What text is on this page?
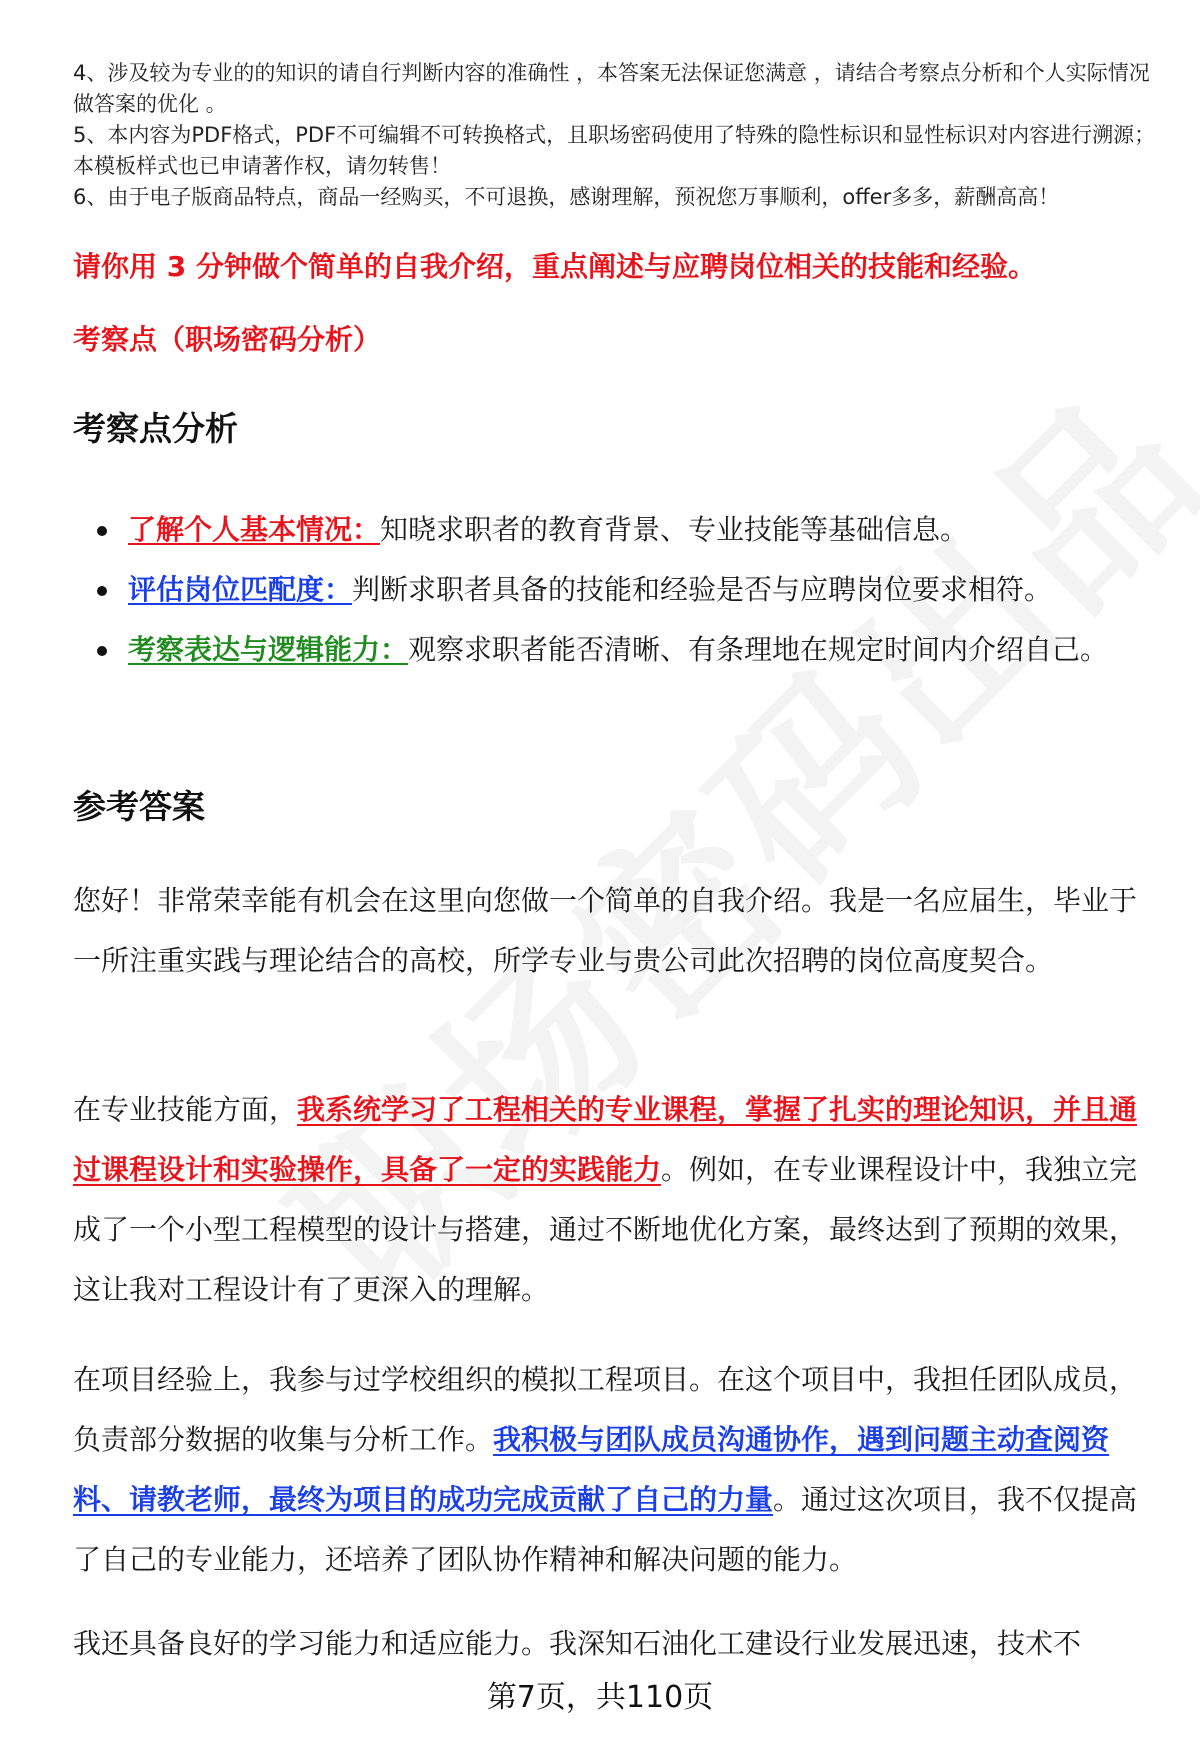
4、涉及较为专业的的知识的请自行判断内容的准确性 ，本答案无法保证您满意 ，请结合考察点分析和个人实际情况做答案的优化 。

5、本内容为PDF格式，PDF不可编辑不可转换格式，且职场密码使用了特殊的隐性标识和显性标识对内容进行溯源；本模板样式也已申请著作权，请勿转售！

6、由于电子版商品特点，商品一经购买，不可退换，感谢理解，预祝您万事顺利，offer多多，薪酬高高！

请你用 3 分钟做个简单的自我介绍，重点阐述与应聘岗位相关的技能和经验。

考察点（职场密码分析）

考察点分析
了解个人基本情况：知晓求职者的教育背景、专业技能等基础信息。
评估岗位匹配度：判断求职者具备的技能和经验是否与应聘岗位要求相符。
考察表达与逻辑能力：观察求职者能否清晰、有条理地在规定时间内介绍自己。
参考答案

您好！非常荣幸能有机会在这里向您做一个简单的自我介绍。我是一名应届生，毕业于一所注重实践与理论结合的高校，所学专业与贵公司此次招聘的岗位高度契合。

在专业技能方面，我系统学习了工程相关的专业课程，掌握了扎实的理论知识，并且通过课程设计和实验操作，具备了一定的实践能力。例如，在专业课程设计中，我独立完成了一个小型工程模型的设计与搭建，通过不断地优化方案，最终达到了预期的效果，这让我对工程设计有了更深入的理解。

在项目经验上，我参与过学校组织的模拟工程项目。在这个项目中，我担任团队成员，负责部分数据的收集与分析工作。我积极与团队成员沟通协作，遇到问题主动查阅资料、请教老师，最终为项目的成功完成贡献了自己的力量。通过这次项目，我不仅提高了自己的专业能力，还培养了团队协作精神和解决问题的能力。

我还具备良好的学习能力和适应能力。我深知石油化工建设行业发展迅速，技术不

第7页，共110页
